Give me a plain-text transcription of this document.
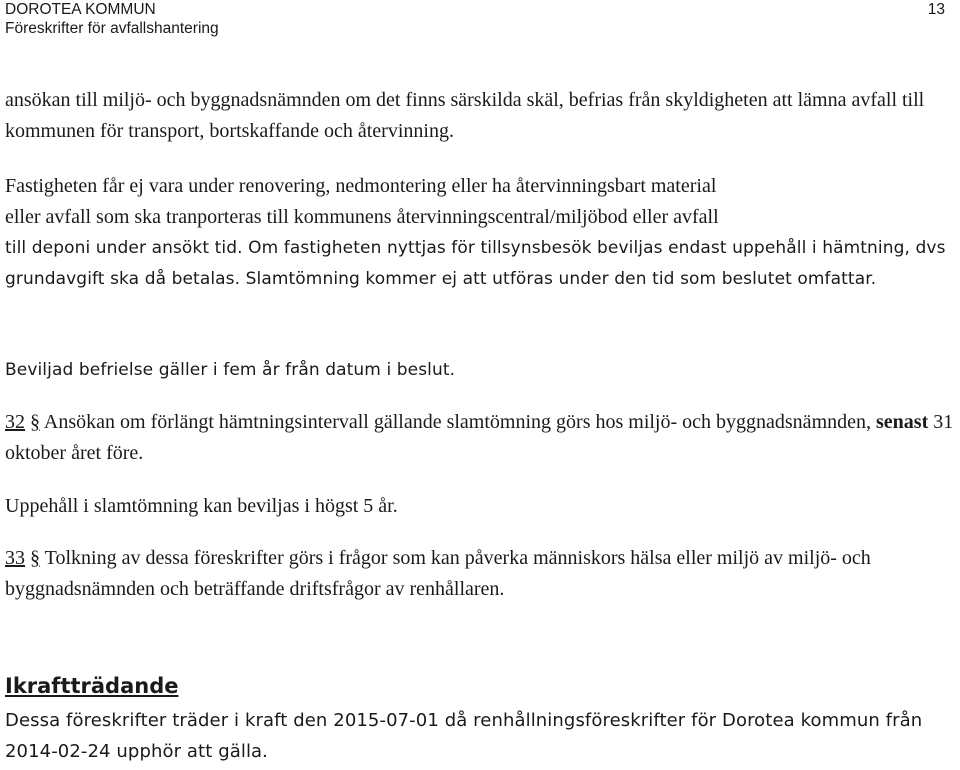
DOROTEA KOMMUN
Föreskrifter för avfallshantering
13

ansökan till miljö- och byggnadsnämnden om det finns särskilda skäl, befrias från skyldigheten att lämna avfall till kommunen för transport, bortskaffande och återvinning.

Fastigheten får ej vara under renovering, nedmontering eller ha återvinningsbart material
eller avfall som ska tranporteras till kommunens återvinningscentral/miljöbod eller avfall
till deponi under ansökt tid. Om fastigheten nyttjas för tillsynsbesök beviljas endast uppehåll i hämtning, dvs grundavgift ska då betalas. Slamtömning kommer ej att utföras under den tid som beslutet omfattar.

Beviljad befrielse gäller i fem år från datum i beslut.

32 § Ansökan om förlängt hämtningsintervall gällande slamtömning görs hos miljö- och byggnadsnämnden, senast 31 oktober året före.

Uppehåll i slamtömning kan beviljas i högst 5 år.

33 § Tolkning av dessa föreskrifter görs i frågor som kan påverka människors hälsa eller miljö av miljö- och byggnadsnämnden och beträffande driftsfrågor av renhållaren.

Ikraftträdande

Dessa föreskrifter träder i kraft den 2015-07-01 då renhållningsföreskrifter för Dorotea kommun från 2014-02-24 upphör att gälla.
